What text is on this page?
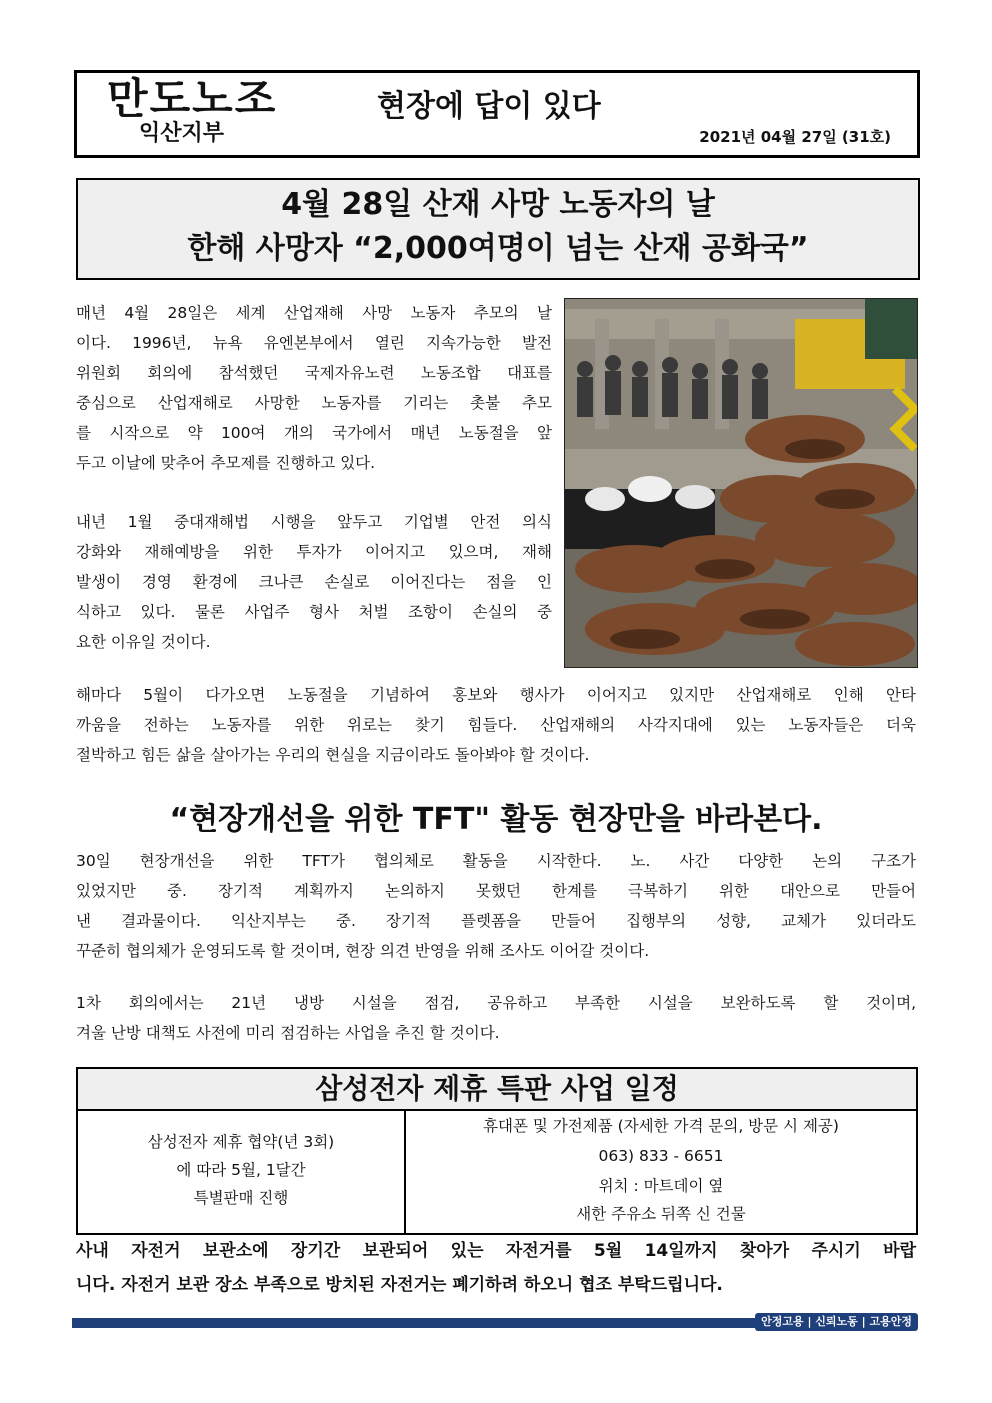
만도노조
익산지부
현장에 답이 있다
2021년 04월 27일 (31호)
4월 28일 산재 사망 노동자의 날
한해 사망자 “2,000여명이 넘는 산재 공화국”
매년 4월 28일은 세계 산업재해 사망 노동자 추모의 날
이다. 1996년, 뉴욕 유엔본부에서 열린 지속가능한 발전
위원회 회의에 참석했던 국제자유노련 노동조합 대표를
중심으로 산업재해로 사망한 노동자를 기리는 촛불 추모
를 시작으로 약 100여 개의 국가에서 매년 노동절을 앞
두고 이날에 맞추어 추모제를 진행하고 있다.
내년 1월 중대재해법 시행을 앞두고 기업별 안전 의식
강화와 재해예방을 위한 투자가 이어지고 있으며, 재해
발생이 경영 환경에 크나큰 손실로 이어진다는 점을 인
식하고 있다. 물론 사업주 형사 처벌 조항이 손실의 중
요한 이유일 것이다.
해마다 5월이 다가오면 노동절을 기념하여 홍보와 행사가 이어지고 있지만 산업재해로 인해 안타
까움을 전하는 노동자를 위한 위로는 찾기 힘들다. 산업재해의 사각지대에 있는 노동자들은 더욱
절박하고 힘든 삶을 살아가는 우리의 현실을 지금이라도 돌아봐야 할 것이다.
“현장개선을 위한 TFT" 활동 현장만을 바라본다.
30일 현장개선을 위한 TFT가 협의체로 활동을 시작한다. 노. 사간 다양한 논의 구조가
있었지만 중. 장기적 계획까지 논의하지 못했던 한계를 극복하기 위한 대안으로 만들어
낸 결과물이다. 익산지부는 중. 장기적 플렛폼을 만들어 집행부의 성향, 교체가 있더라도
꾸준히 협의체가 운영되도록 할 것이며, 현장 의견 반영을 위해 조사도 이어갈 것이다.
1차 회의에서는 21년 냉방 시설을 점검, 공유하고 부족한 시설을 보완하도록 할 것이며,
겨울 난방 대책도 사전에 미리 점검하는 사업을 추진 할 것이다.
삼성전자 제휴 특판 사업 일정
삼성전자 제휴 협약(년 3회)
에 따라 5월, 1달간
특별판매 진행
휴대폰 및 가전제품 (자세한 가격 문의, 방문 시 제공)
063) 833 - 6651
위치 : 마트데이 옆
새한 주유소 뒤쪽 신 건물
사내 자전거 보관소에 장기간 보관되어 있는 자전거를 5월 14일까지 찾아가 주시기 바랍
니다. 자전거 보관 장소 부족으로 방치된 자전거는 폐기하려 하오니 협조 부탁드립니다.
안정고용 | 신뢰노동 | 고용안정
